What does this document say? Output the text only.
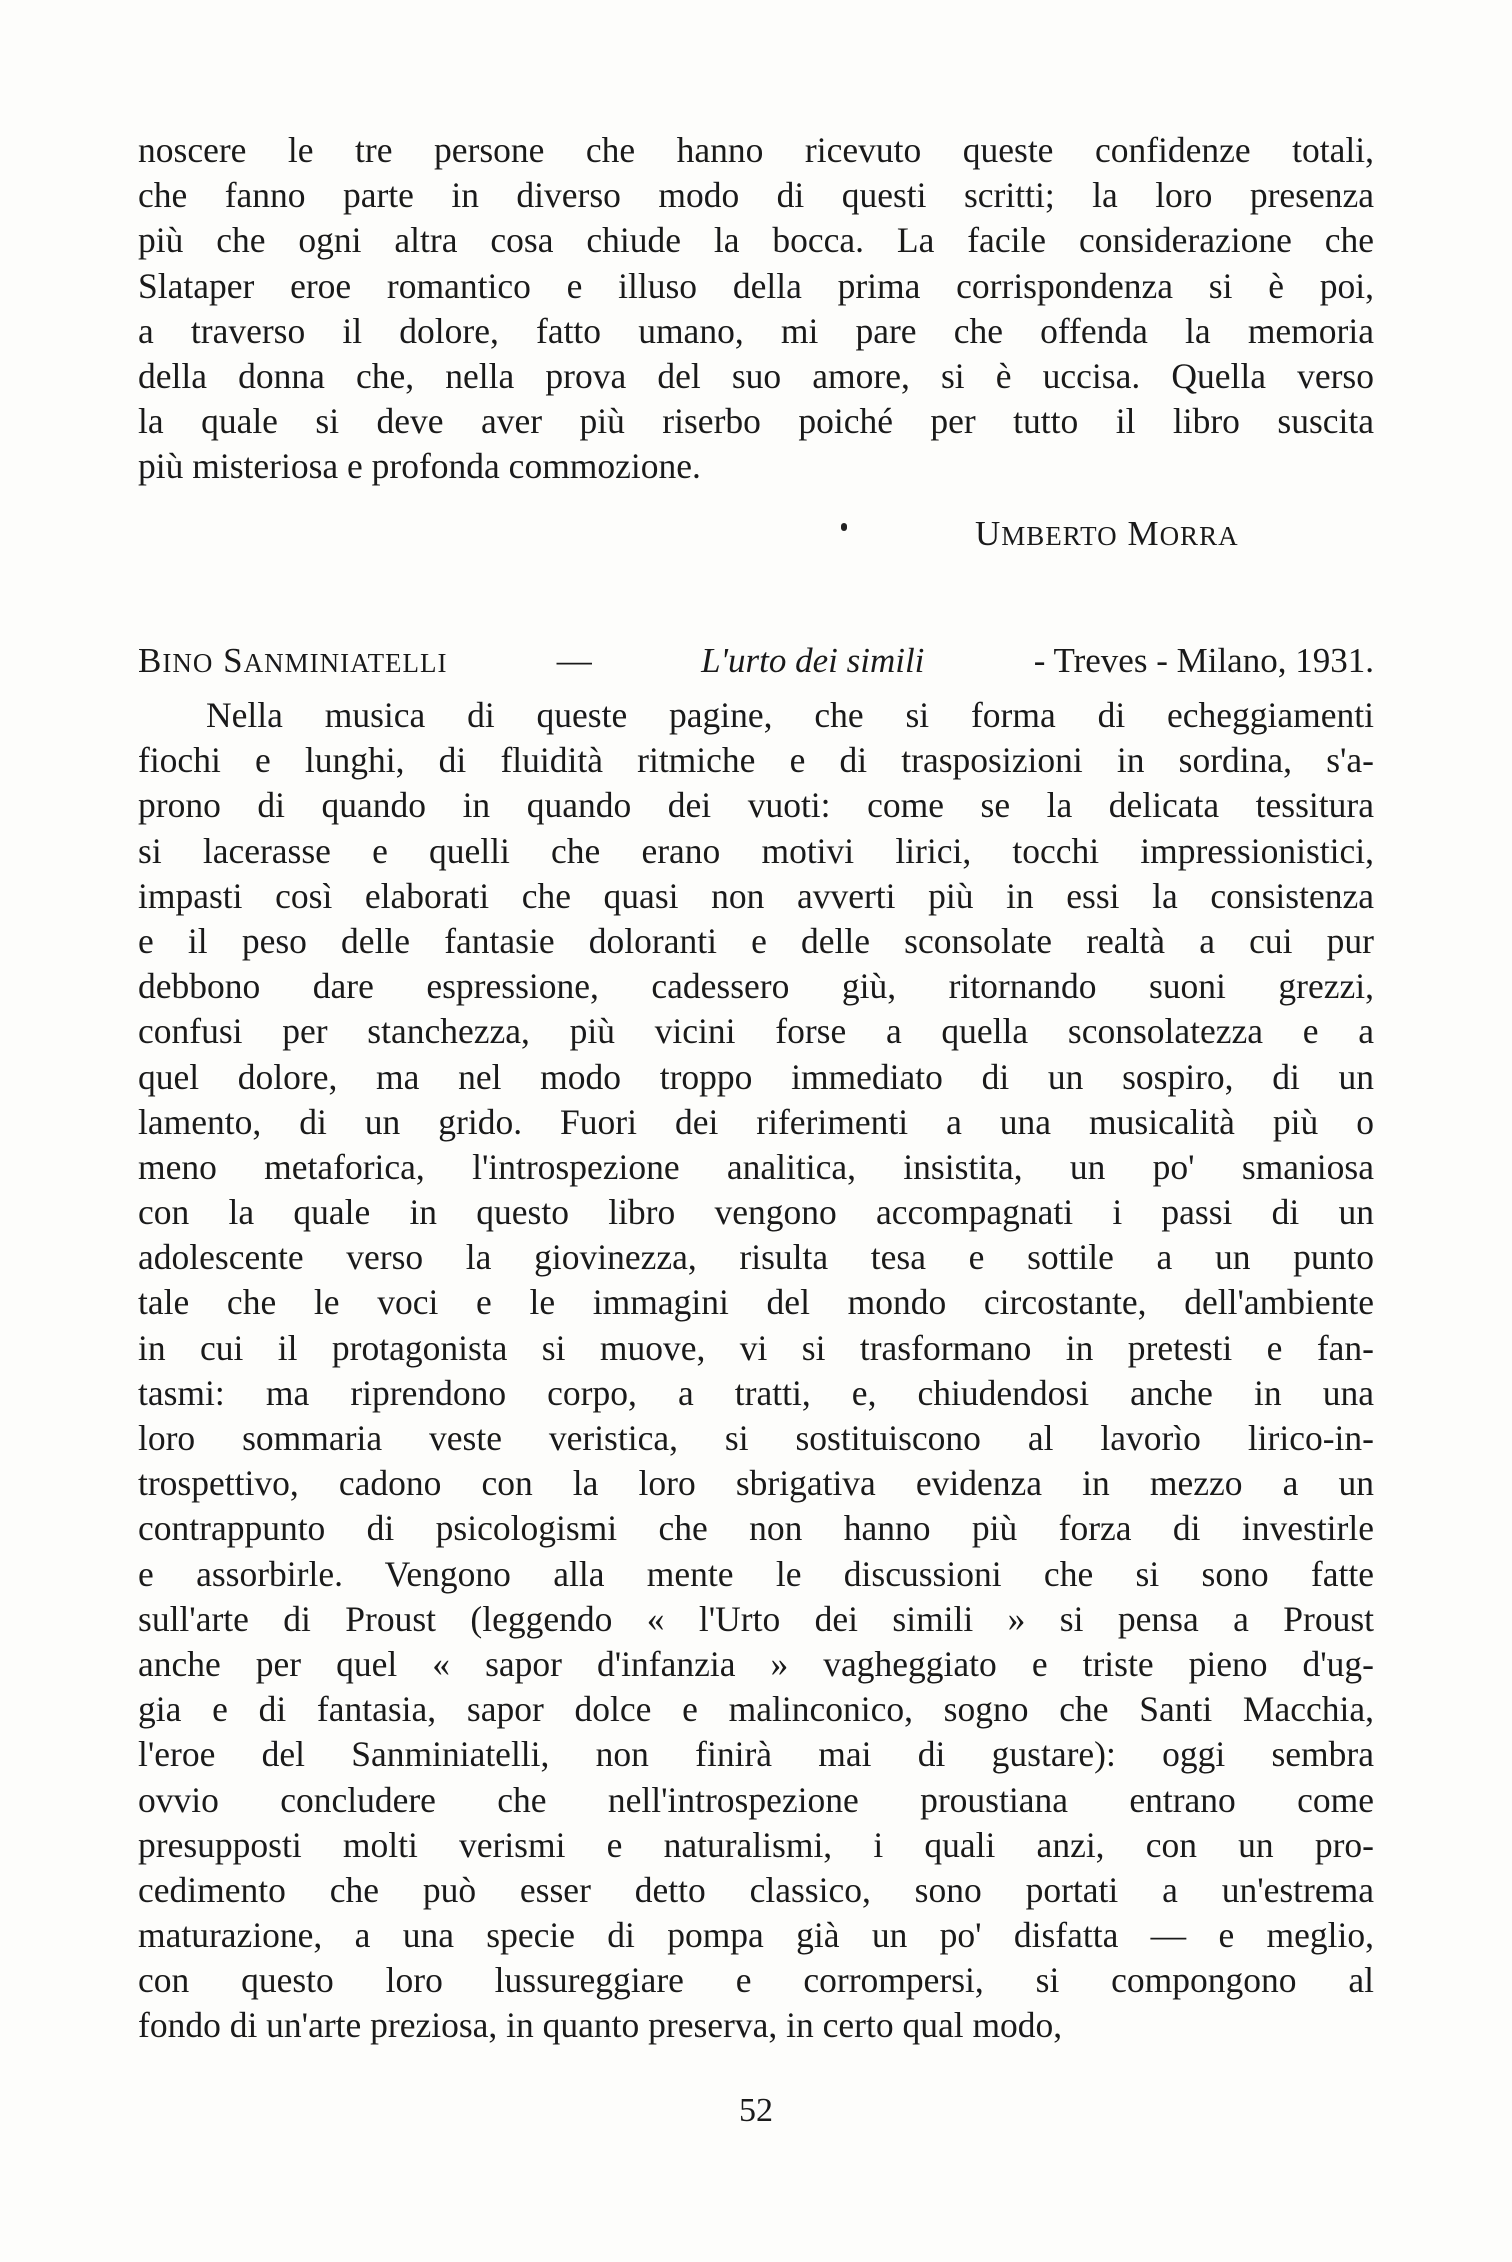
noscere le tre persone che hanno ricevuto queste confidenze totali,
che fanno parte in diverso modo di questi scritti; la loro presenza
più che ogni altra cosa chiude la bocca. La facile considerazione che
Slataper eroe romantico e illuso della prima corrispondenza si è poi,
a traverso il dolore, fatto umano, mi pare che offenda la memoria
della donna che, nella prova del suo amore, si è uccisa. Quella verso
la quale si deve aver più riserbo poiché per tutto il libro suscita
più misteriosa e profonda commozione.
UMBERTO MORRA
BINO SANMINIATELLI	—	L'urto dei simili	- Treves - Milano, 1931.
Nella musica di queste pagine, che si forma di echeggiamenti
fiochi e lunghi, di fluidità ritmiche e di trasposizioni in sordina, s'a-
prono di quando in quando dei vuoti: come se la delicata tessitura
si lacerasse e quelli che erano motivi lirici, tocchi impressionistici,
impasti così elaborati che quasi non avverti più in essi la consistenza
e il peso delle fantasie doloranti e delle sconsolate realtà a cui pur
debbono dare espressione, cadessero giù, ritornando suoni grezzi,
confusi per stanchezza, più vicini forse a quella sconsolatezza e a
quel dolore, ma nel modo troppo immediato di un sospiro, di un
lamento, di un grido. Fuori dei riferimenti a una musicalità più o
meno metaforica, l'introspezione analitica, insistita, un po' smaniosa
con la quale in questo libro vengono accompagnati i passi di un
adolescente verso la giovinezza, risulta tesa e sottile a un punto
tale che le voci e le immagini del mondo circostante, dell'ambiente
in cui il protagonista si muove, vi si trasformano in pretesti e fan-
tasmi: ma riprendono corpo, a tratti, e, chiudendosi anche in una
loro sommaria veste veristica, si sostituiscono al lavorìo lirico-in-
trospettivo, cadono con la loro sbrigativa evidenza in mezzo a un
contrappunto di psicologismi che non hanno più forza di investirle
e assorbirle. Vengono alla mente le discussioni che si sono fatte
sull'arte di Proust (leggendo « l'Urto dei simili » si pensa a Proust
anche per quel « sapor d'infanzia » vagheggiato e triste pieno d'ug-
gia e di fantasia, sapor dolce e malinconico, sogno che Santi Macchia,
l'eroe del Sanminiatelli, non finirà mai di gustare): oggi sembra
ovvio concludere che nell'introspezione proustiana entrano come
presupposti molti verismi e naturalismi, i quali anzi, con un pro-
cedimento che può esser detto classico, sono portati a un'estrema
maturazione, a una specie di pompa già un po' disfatta — e meglio,
con questo loro lussureggiare e corrompersi, si compongono al
fondo di un'arte preziosa, in quanto preserva, in certo qual modo,
52
